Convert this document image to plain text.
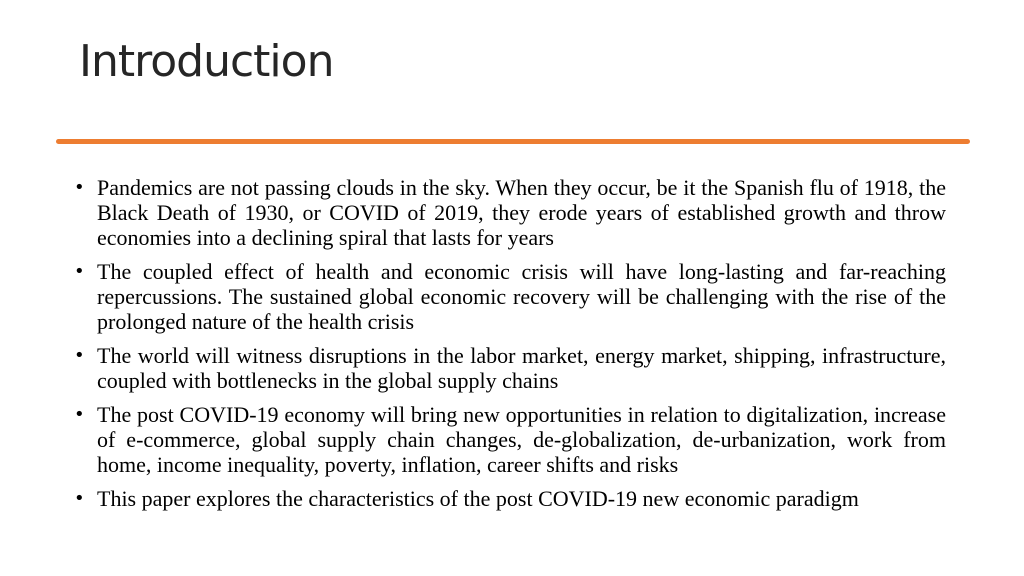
Introduction
• Pandemics are not passing clouds in the sky. When they occur, be it the Spanish flu of 1918, the Black Death of 1930, or COVID of 2019, they erode years of established growth and throw economies into a declining spiral that lasts for years
• The coupled effect of health and economic crisis will have long-lasting and far-reaching repercussions. The sustained global economic recovery will be challenging with the rise of the prolonged nature of the health crisis
• The world will witness disruptions in the labor market, energy market, shipping, infrastructure, coupled with bottlenecks in the global supply chains
• The post COVID-19 economy will bring new opportunities in relation to digitalization, increase of e-commerce, global supply chain changes, de-globalization, de-urbanization, work from home, income inequality, poverty, inflation, career shifts and risks
• This paper explores the characteristics of the post COVID-19 new economic paradigm
